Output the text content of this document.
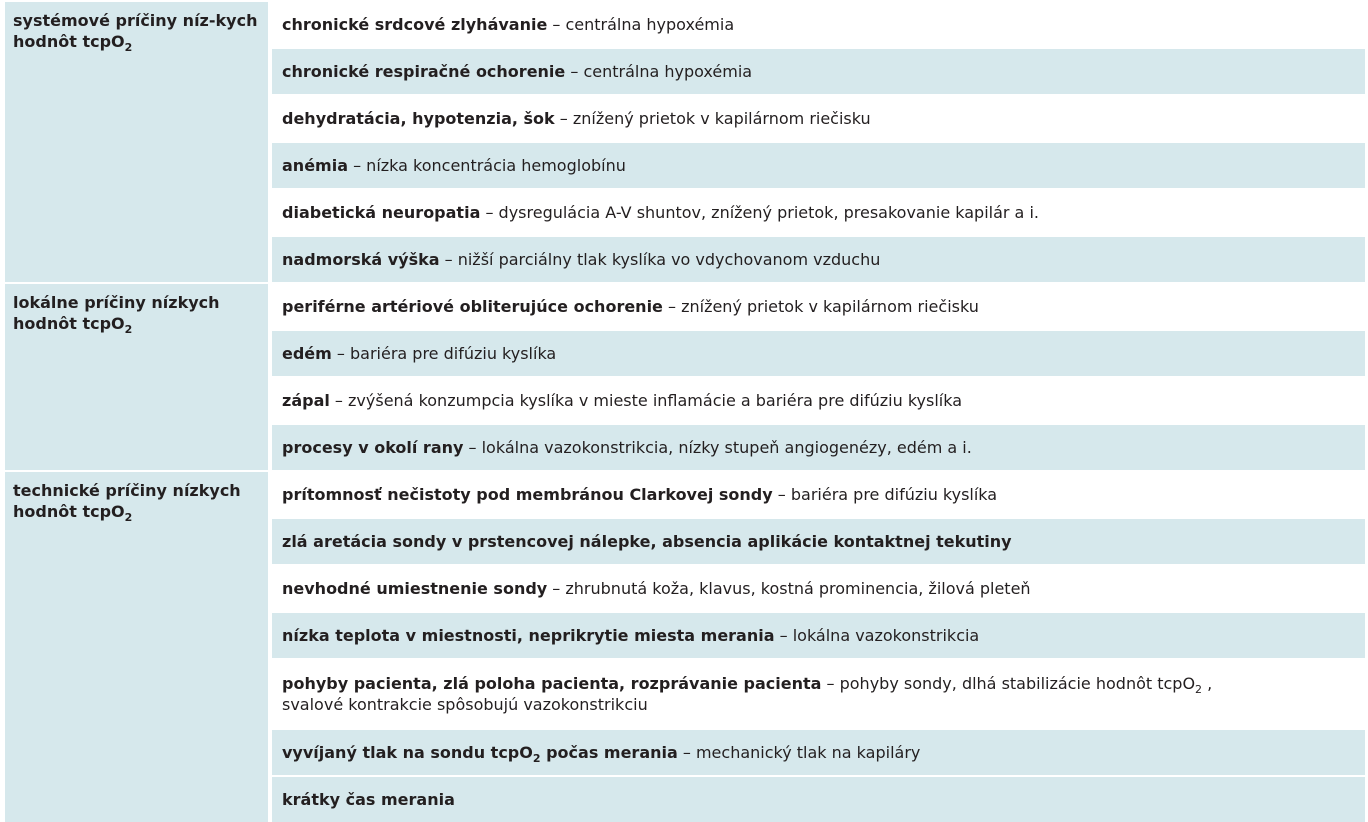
systémové príčiny níz-kych hodnôt tcpO$_2$	chronické srdcové zlyhávanie – centrálna hypoxémia
	chronické respiračné ochorenie – centrálna hypoxémia
	dehydratácia, hypotenzia, šok – znížený prietok v kapilárnom riečisku
	anémia – nízka koncentrácia hemoglobínu
	diabetická neuropatia – dysregulácia A-V shuntov, znížený prietok, presakovanie kapilár a i.
	nadmorská výška – nižší parciálny tlak kyslíka vo vdychovanom vzduchu
lokálne príčiny nízkych hodnôt tcpO$_2$	periférne artériové obliterujúce ochorenie – znížený prietok v kapilárnom riečisku
	edém – bariéra pre difúziu kyslíka
	zápal – zvýšená konzumpcia kyslíka v mieste inflamácie a bariéra pre difúziu kyslíka
	procesy v okolí rany – lokálna vazokonstrikcia, nízky stupeň angiogenézy, edém a i.
technické príčiny nízkych hodnôt tcpO$_2$	prítomnosť nečistoty pod membránou Clarkovej sondy – bariéra pre difúziu kyslíka
	zlá aretácia sondy v prstencovej nálepke, absencia aplikácie kontaktnej tekutiny
	nevhodné umiestnenie sondy – zhrubnutá koža, klavus, kostná prominencia, žilová pleteň
	nízka teplota v miestnosti, neprikrytie miesta merania – lokálna vazokonstrikcia
	pohyby pacienta, zlá poloha pacienta, rozprávanie pacienta – pohyby sondy, dlhá stabilizácie hodnôt tcpO$_2$ ,
svalové kontrakcie spôsobujú vazokonstrikciu
	vyvíjaný tlak na sondu tcpO$_2$ počas merania – mechanický tlak na kapiláry
	krátky čas merania
